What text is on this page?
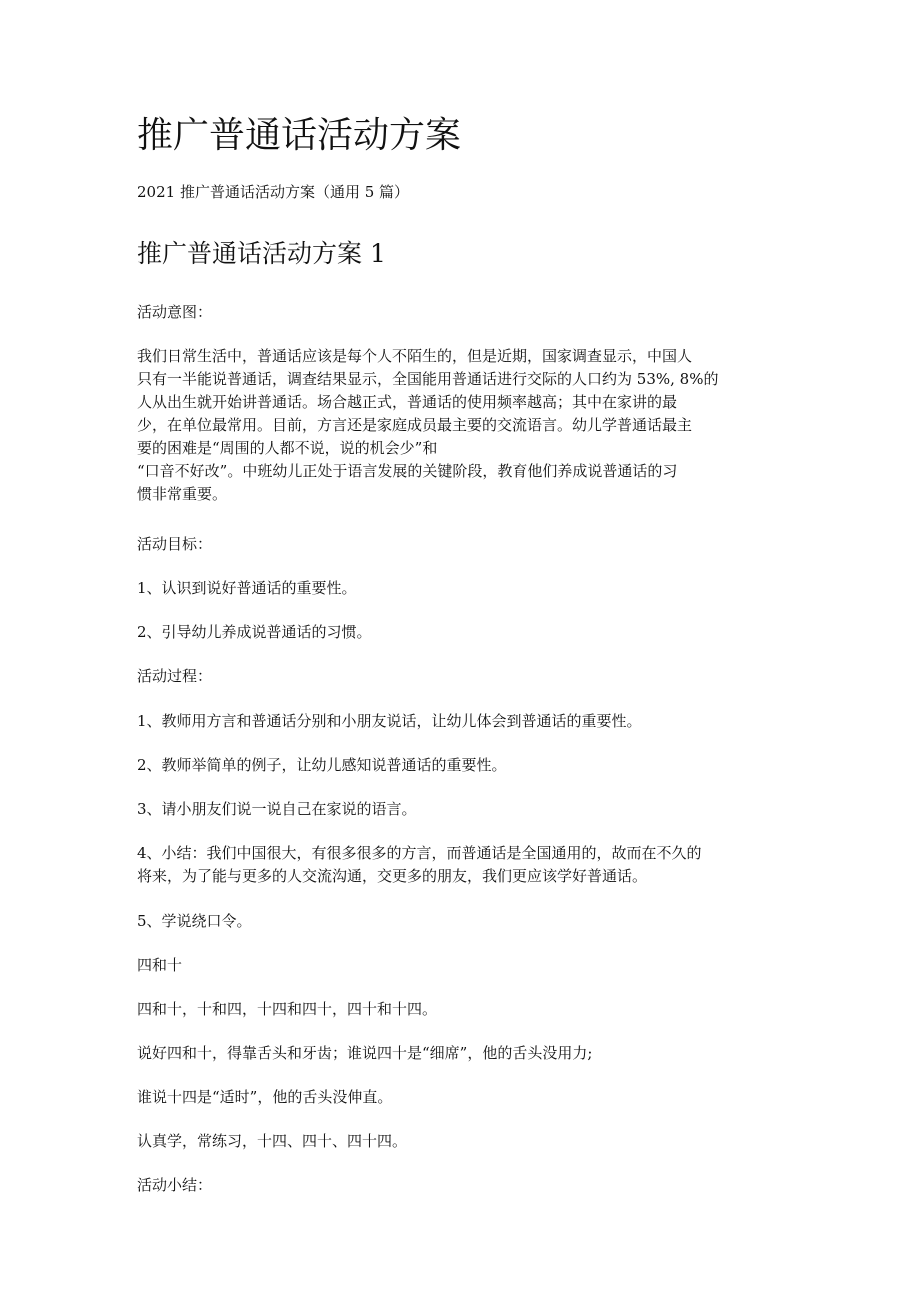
推广普通话活动方案

2021 推广普通话活动方案（通用 5 篇）

推广普通话活动方案 1

活动意图：

我们日常生活中，普通话应该是每个人不陌生的，但是近期，国家调查显示，中国人
只有一半能说普通话，调查结果显示，全国能用普通话进行交际的人口约为 53%, 8%的
人从出生就开始讲普通话。场合越正式，普通话的使用频率越高；其中在家讲的最
少，在单位最常用。目前，方言还是家庭成员最主要的交流语言。幼儿学普通话最主
要的困难是“周围的人都不说，说的机会少”和
“口音不好改”。中班幼儿正处于语言发展的关键阶段，教育他们养成说普通话的习
惯非常重要。

活动目标：

1、认识到说好普通话的重要性。

2、引导幼儿养成说普通话的习惯。

活动过程：

1、教师用方言和普通话分别和小朋友说话，让幼儿体会到普通话的重要性。

2、教师举简单的例子，让幼儿感知说普通话的重要性。

3、请小朋友们说一说自己在家说的语言。

4、小结：我们中国很大，有很多很多的方言，而普通话是全国通用的，故而在不久的
将来，为了能与更多的人交流沟通，交更多的朋友，我们更应该学好普通话。

5、学说绕口令。

四和十

四和十，十和四，十四和四十，四十和十四。

说好四和十，得靠舌头和牙齿；谁说四十是“细席”，他的舌头没用力;

谁说十四是“适时”，他的舌头没伸直。

认真学，常练习，十四、四十、四十四。

活动小结：
